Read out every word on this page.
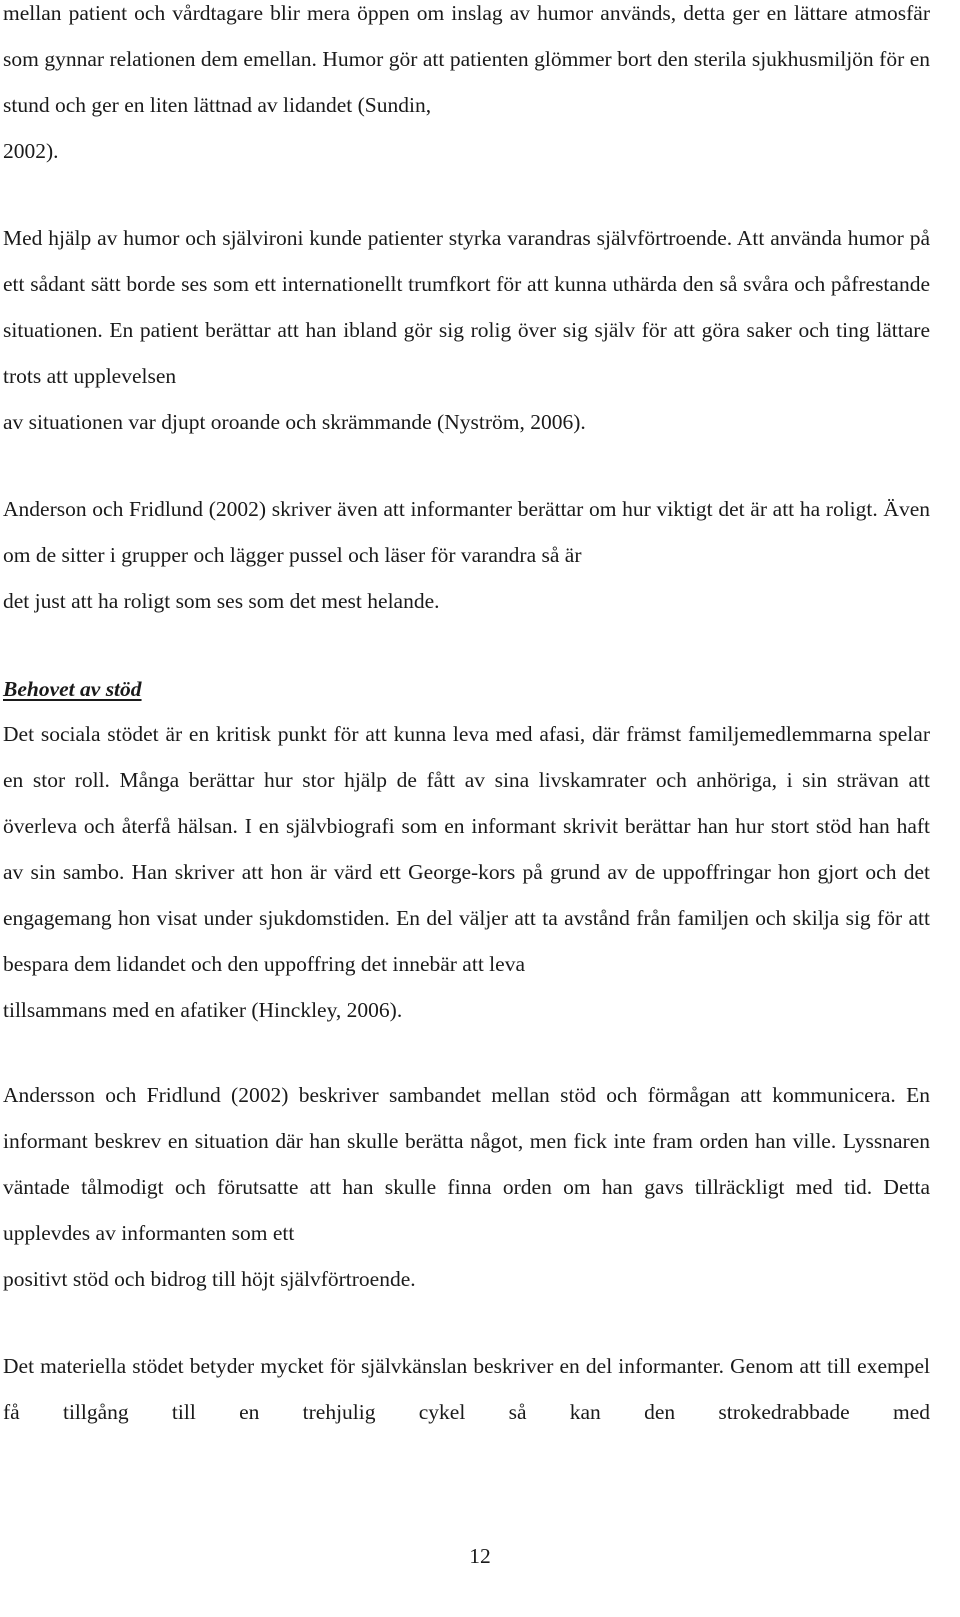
mellan patient och vårdtagare blir mera öppen om inslag av humor används, detta ger en lättare atmosfär som gynnar relationen dem emellan. Humor gör att patienten glömmer bort den sterila sjukhusmiljön för en stund och ger en liten lättnad av lidandet (Sundin,
2002).

Med hjälp av humor och självironi kunde patienter styrka varandras självförtroende. Att använda humor på ett sådant sätt borde ses som ett internationellt trumfkort för att kunna uthärda den så svåra och påfrestande situationen. En patient berättar att han ibland gör sig rolig över sig själv för att göra saker och ting lättare trots att upplevelsen
av situationen var djupt oroande och skrämmande (Nyström, 2006).

Anderson och Fridlund (2002) skriver även att informanter berättar om hur viktigt det är att ha roligt. Även om de sitter i grupper och lägger pussel och läser för varandra så är
det just att ha roligt som ses som det mest helande.

Behovet av stöd

Det sociala stödet är en kritisk punkt för att kunna leva med afasi, där främst familjemedlemmarna spelar en stor roll. Många berättar hur stor hjälp de fått av sina livskamrater och anhöriga, i sin strävan att överleva och återfå hälsan. I en självbiografi som en informant skrivit berättar han hur stort stöd han haft av sin sambo. Han skriver att hon är värd ett George-kors på grund av de uppoffringar hon gjort och det engagemang hon visat under sjukdomstiden. En del väljer att ta avstånd från familjen och skilja sig för att bespara dem lidandet och den uppoffring det innebär att leva
tillsammans med en afatiker (Hinckley, 2006).

Andersson och Fridlund (2002) beskriver sambandet mellan stöd och förmågan att kommunicera. En informant beskrev en situation där han skulle berätta något, men fick inte fram orden han ville. Lyssnaren väntade tålmodigt och förutsatte att han skulle finna orden om han gavs tillräckligt med tid. Detta upplevdes av informanten som ett
positivt stöd och bidrog till höjt självförtroende.

Det materiella stödet betyder mycket för självkänslan beskriver en del informanter. Genom att till exempel få tillgång till en trehjulig cykel så kan den strokedrabbade med

12
